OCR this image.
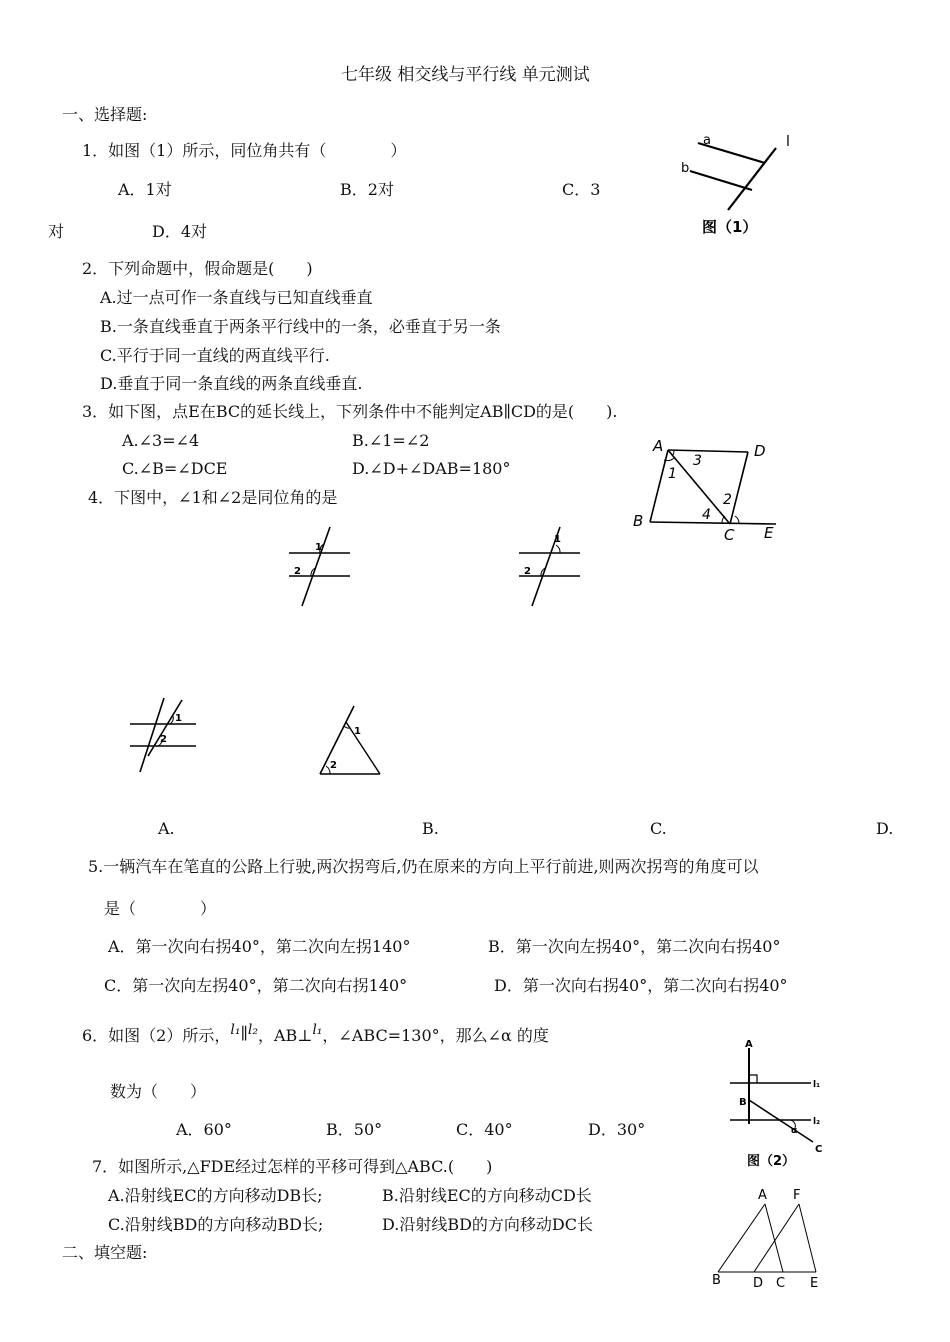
七年级 相交线与平行线 单元测试
一、选择题:
1．如图（1）所示，同位角共有（　　　　）
A．1对	B．2对	C．3
对	D．4对
a
b
l
图（1）
2．下列命题中，假命题是(　　)
A.过一点可作一条直线与已知直线垂直
B.一条直线垂直于两条平行线中的一条，必垂直于另一条
C.平行于同一直线的两直线平行.
D.垂直于同一条直线的两条直线垂直.
3．如下图，点E在BC的延长线上，下列条件中不能判定AB∥CD的是(　　).
A.∠3=∠4	B.∠1=∠2
C.∠B=∠DCE	D.∠D+∠DAB=180°
A	D
B
C E
1
3
2
4
4．下图中，∠1和∠2是同位角的是
1
2
1
2
1
2
1
2
A.	B.	C.	D.
5.一辆汽车在笔直的公路上行驶,两次拐弯后,仍在原来的方向上平行前进,则两次拐弯的角度可以
是（　　　　）
A．第一次向右拐40°，第二次向左拐140°	B．第一次向左拐40°，第二次向右拐40°
C．第一次向左拐40°，第二次向右拐140°	D．第一次向右拐40°，第二次向右拐40°
6．如图（2）所示，l₁∥l₂，AB⊥l₁，∠ABC=130°，那么∠α 的度
数为（　　）
A．60°	B．50°	C．40°	D．30°
A
B
C
l₁
l₂
α
图（2）
7．如图所示,△FDE经过怎样的平移可得到△ABC.(　　)
A.沿射线EC的方向移动DB长;	B.沿射线EC的方向移动CD长
C.沿射线BD的方向移动BD长;	D.沿射线BD的方向移动DC长
A F
B D C E
二、填空题:
